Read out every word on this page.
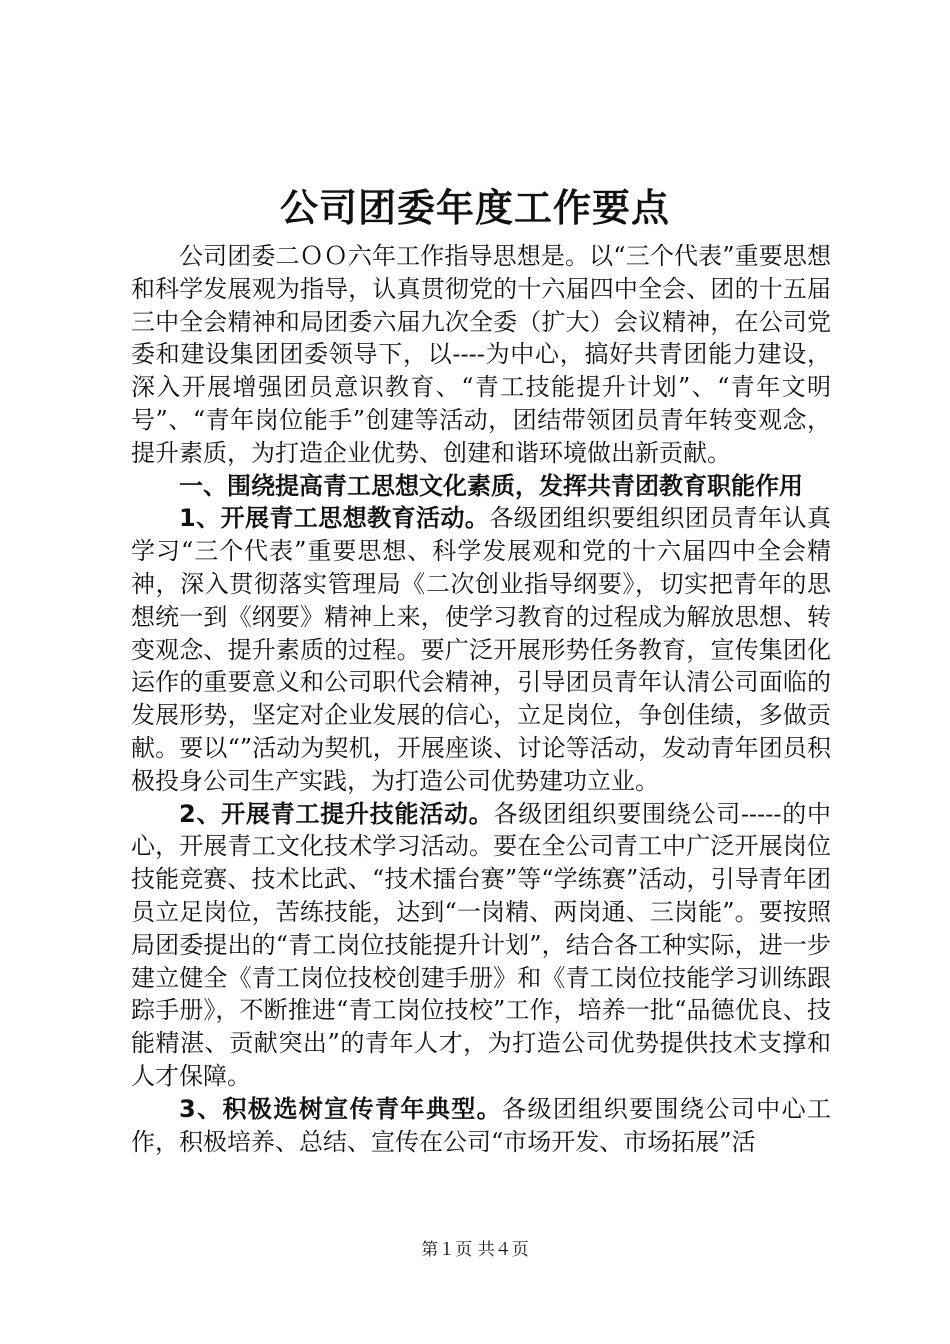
公司团委年度工作要点

公司团委二ＯＯ六年工作指导思想是。以“三个代表”重要思想和科学发展观为指导，认真贯彻党的十六届四中全会、团的十五届三中全会精神和局团委六届九次全委（扩大）会议精神，在公司党委和建设集团团委领导下，以----为中心，搞好共青团能力建设，深入开展增强团员意识教育、“青工技能提升计划”、“青年文明号”、“青年岗位能手”创建等活动，团结带领团员青年转变观念，提升素质，为打造企业优势、创建和谐环境做出新贡献。

一、围绕提高青工思想文化素质，发挥共青团教育职能作用

1、开展青工思想教育活动。各级团组织要组织团员青年认真学习“三个代表”重要思想、科学发展观和党的十六届四中全会精神，深入贯彻落实管理局《二次创业指导纲要》，切实把青年的思想统一到《纲要》精神上来，使学习教育的过程成为解放思想、转变观念、提升素质的过程。要广泛开展形势任务教育，宣传集团化运作的重要意义和公司职代会精神，引导团员青年认清公司面临的发展形势，坚定对企业发展的信心，立足岗位，争创佳绩，多做贡献。要以“”活动为契机，开展座谈、讨论等活动，发动青年团员积极投身公司生产实践，为打造公司优势建功立业。

2、开展青工提升技能活动。各级团组织要围绕公司-----的中心，开展青工文化技术学习活动。要在全公司青工中广泛开展岗位技能竞赛、技术比武、“技术擂台赛”等“学练赛”活动，引导青年团员立足岗位，苦练技能，达到“一岗精、两岗通、三岗能”。要按照局团委提出的“青工岗位技能提升计划”，结合各工种实际，进一步建立健全《青工岗位技校创建手册》和《青工岗位技能学习训练跟踪手册》，不断推进“青工岗位技校”工作，培养一批“品德优良、技能精湛、贡献突出”的青年人才，为打造公司优势提供技术支撑和人才保障。

3、积极选树宣传青年典型。各级团组织要围绕公司中心工作，积极培养、总结、宣传在公司“市场开发、市场拓展”活

第１页 共４页
